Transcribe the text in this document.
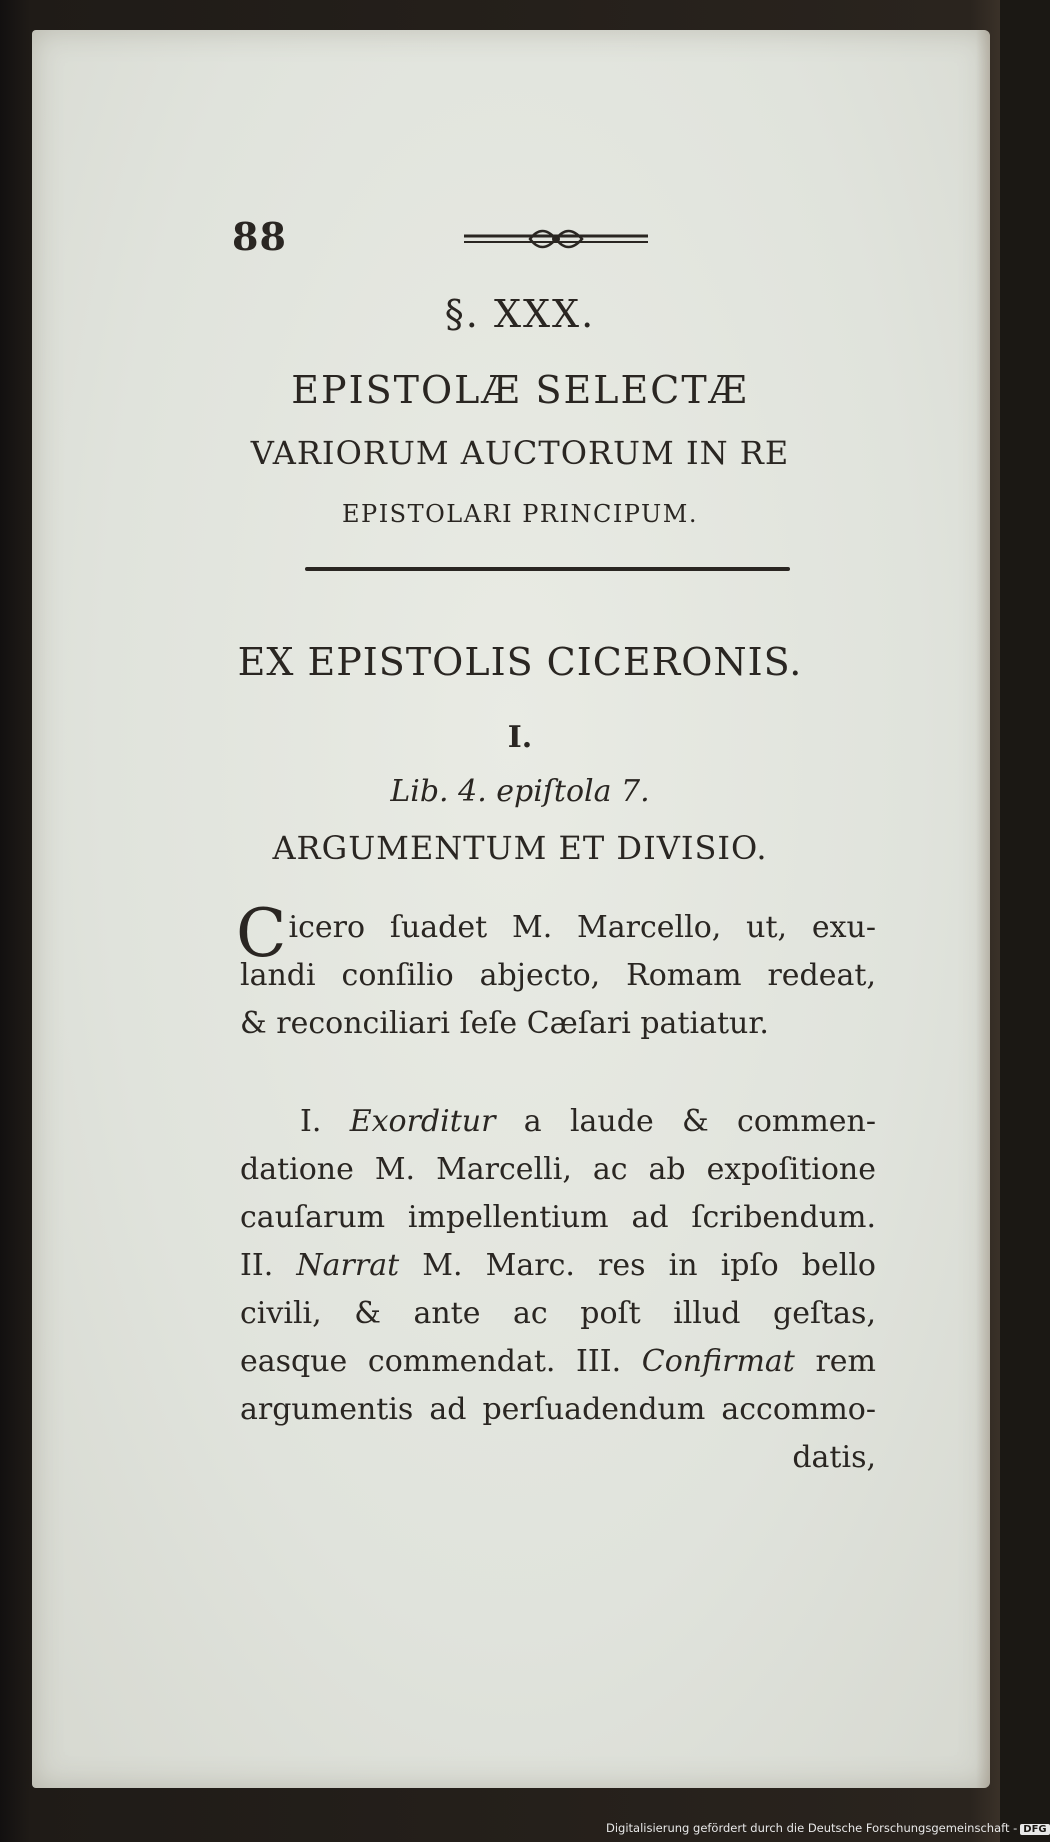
88
§. XXX.
EPISTOLÆ SELECTÆ
VARIORUM AUCTORUM IN RE
EPISTOLARI PRINCIPUM.
EX EPISTOLIS CICERONIS.
I.
Lib. 4. epiſtola 7.
ARGUMENTUM ET DIVISIO.
Cicero ſuadet M. Marcello, ut, exu-
landi conſilio abjecto, Romam redeat,
& reconciliari ſeſe Cæſari patiatur.
I. Exorditur a laude & commen-
datione M. Marcelli, ac ab expoſitione
cauſarum impellentium ad ſcribendum.
II. Narrat M. Marc. res in ipſo bello
civili, & ante ac poſt illud geſtas,
easque commendat. III. Confirmat rem
argumentis ad perſuadendum accommo-
datis,
Digitalisierung gefördert durch die Deutsche Forschungsgemeinschaft - DFG
